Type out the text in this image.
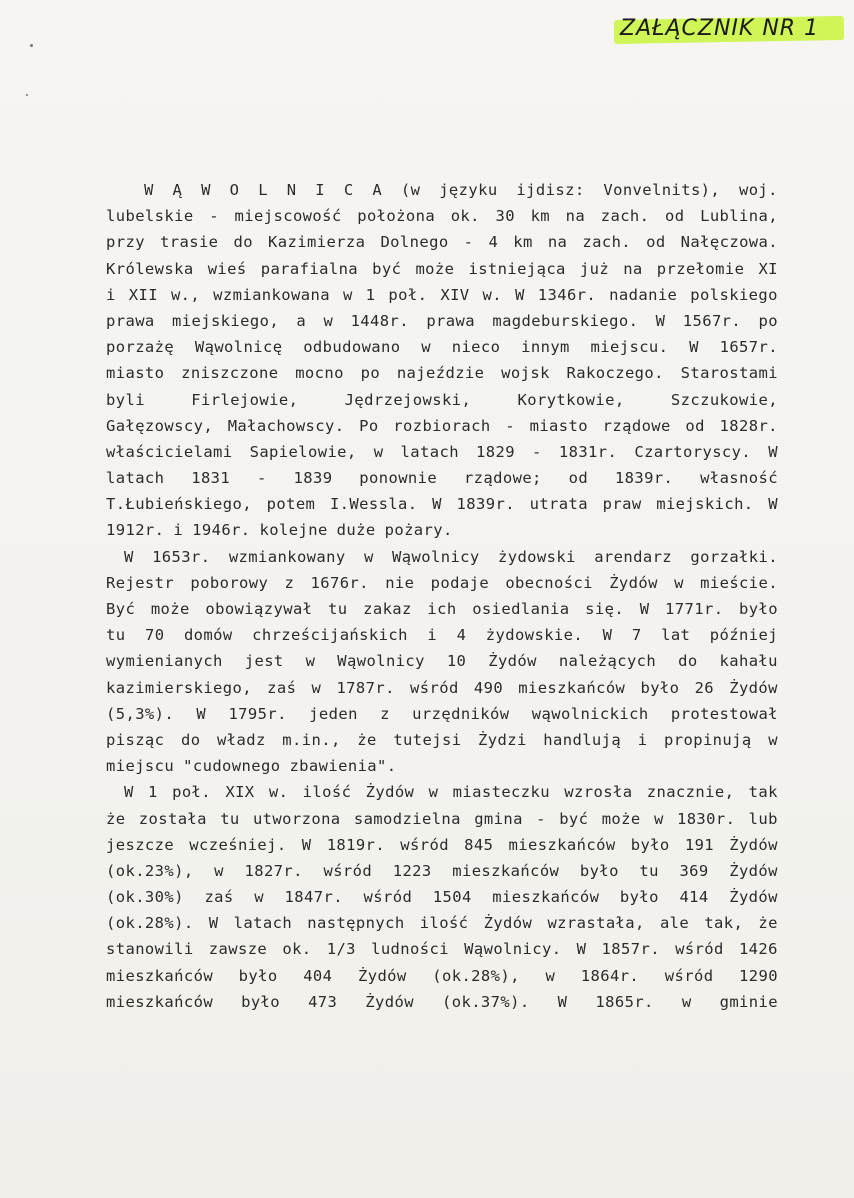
ZAŁĄCZNIK NR 1
W Ą W O L N I C A (w języku ijdisz: Vonvelnits), woj.
lubelskie - miejscowość położona ok. 30 km na zach. od Lublina,
przy trasie do Kazimierza Dolnego - 4 km na zach. od Nałęczowa.
Królewska wieś parafialna być może istniejąca już na przełomie XI
i XII w., wzmiankowana w 1 poł. XIV w. W 1346r. nadanie polskiego
prawa miejskiego, a w 1448r. prawa magdeburskiego. W 1567r. po
porzażę Wąwolnicę odbudowano w nieco innym miejscu. W 1657r.
miasto zniszczone mocno po najeździe wojsk Rakoczego. Starostami
byli	Firlejowie,	Jędrzejowski,	Korytkowie,	Szczukowie,
Gałęzowscy, Małachowscy. Po rozbiorach - miasto rządowe od 1828r.
właścicielami Sapielowie, w latach 1829 - 1831r. Czartoryscy. W
latach 1831 - 1839 ponownie rządowe; od 1839r. własność
T.Łubieńskiego, potem I.Wessla. W 1839r. utrata praw miejskich. W
1912r. i 1946r. kolejne duże pożary.
W 1653r. wzmiankowany w Wąwolnicy żydowski arendarz gorzałki.
Rejestr poborowy z 1676r. nie podaje obecności Żydów w mieście.
Być może obowiązywał tu zakaz ich osiedlania się. W 1771r. było
tu 70 domów chrześcijańskich i 4 żydowskie. W 7 lat później
wymienianych jest w Wąwolnicy 10 Żydów należących do kahału
kazimierskiego, zaś w 1787r. wśród 490 mieszkańców było 26 Żydów
(5,3%). W 1795r. jeden z urzędników wąwolnickich protestował
pisząc do władz m.in., że tutejsi Żydzi handlują i propinują w
miejscu "cudownego zbawienia".
W 1 poł. XIX w. ilość Żydów w miasteczku wzrosła znacznie, tak
że została tu utworzona samodzielna gmina - być może w 1830r. lub
jeszcze wcześniej. W 1819r. wśród 845 mieszkańców było 191 Żydów
(ok.23%), w 1827r. wśród 1223 mieszkańców było tu 369 Żydów
(ok.30%) zaś w 1847r. wśród 1504 mieszkańców było 414 Żydów
(ok.28%). W latach następnych ilość Żydów wzrastała, ale tak, że
stanowili zawsze ok. 1/3 ludności Wąwolnicy. W 1857r. wśród 1426
mieszkańców było 404 Żydów (ok.28%), w 1864r. wśród 1290
mieszkańców było 473 Żydów (ok.37%). W 1865r. w gminie
